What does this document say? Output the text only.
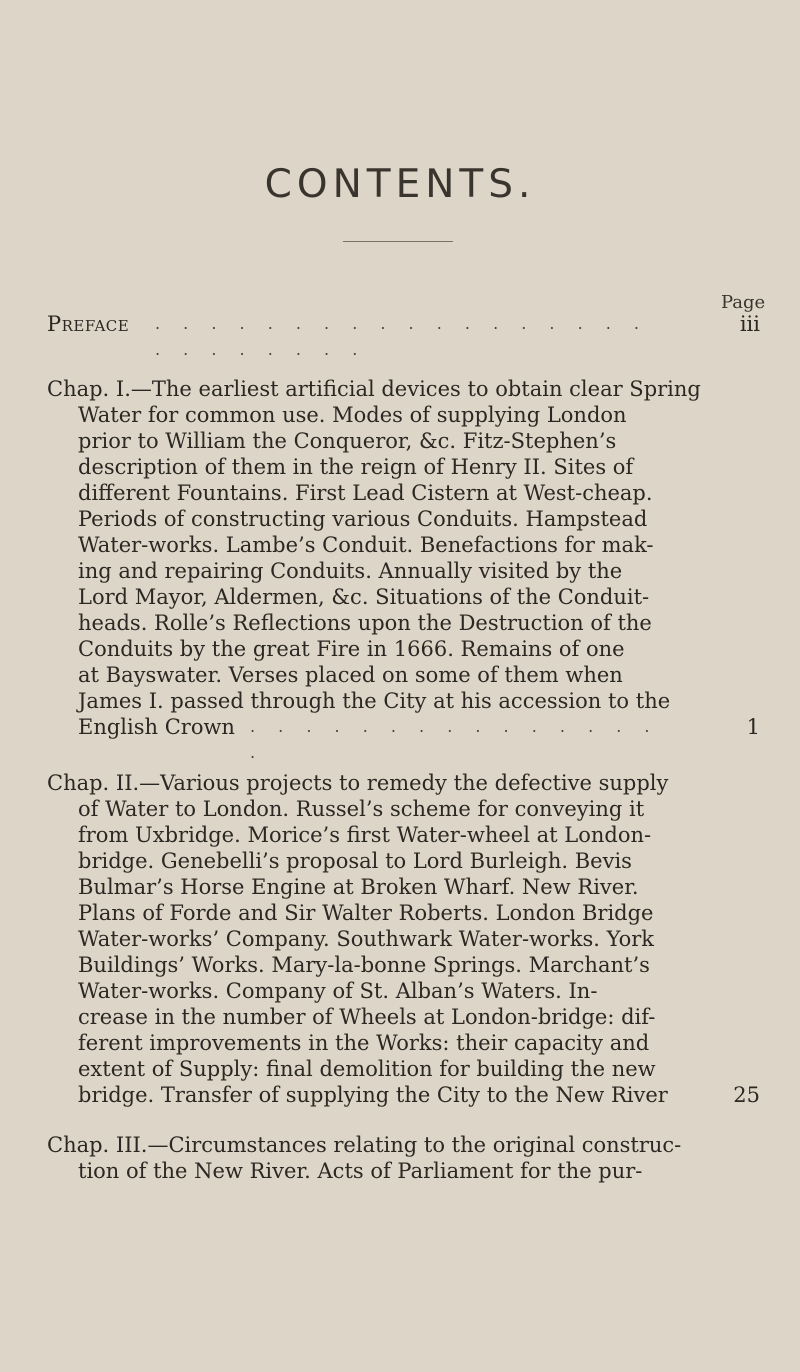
CONTENTS.
Page
Preface . . . . . . . . . . . . . . . . . . . . . . . . . .
iii
Chap. I.—The earliest artificial devices to obtain clear Spring
Water for common use. Modes of supplying London
prior to William the Conqueror, &c. Fitz-Stephen’s
description of them in the reign of Henry II. Sites of
different Fountains. First Lead Cistern at West-cheap.
Periods of constructing various Conduits. Hampstead
Water-works. Lambe’s Conduit. Benefactions for mak-
ing and repairing Conduits. Annually visited by the
Lord Mayor, Aldermen, &c. Situations of the Conduit-
heads. Rolle’s Reflections upon the Destruction of the
Conduits by the great Fire in 1666. Remains of one
at Bayswater. Verses placed on some of them when
James I. passed through the City at his accession to the
English Crown . . . . . . . . . . . . . . . .
1
Chap. II.—Various projects to remedy the defective supply
of Water to London. Russel’s scheme for conveying it
from Uxbridge. Morice’s first Water-wheel at London-
bridge. Genebelli’s proposal to Lord Burleigh. Bevis
Bulmar’s Horse Engine at Broken Wharf. New River.
Plans of Forde and Sir Walter Roberts. London Bridge
Water-works’ Company. Southwark Water-works. York
Buildings’ Works. Mary-la-bonne Springs. Marchant’s
Water-works. Company of St. Alban’s Waters. In-
crease in the number of Wheels at London-bridge: dif-
ferent improvements in the Works: their capacity and
extent of Supply: final demolition for building the new
bridge. Transfer of supplying the City to the New River	25
Chap. III.—Circumstances relating to the original construc-
tion of the New River. Acts of Parliament for the pur-
